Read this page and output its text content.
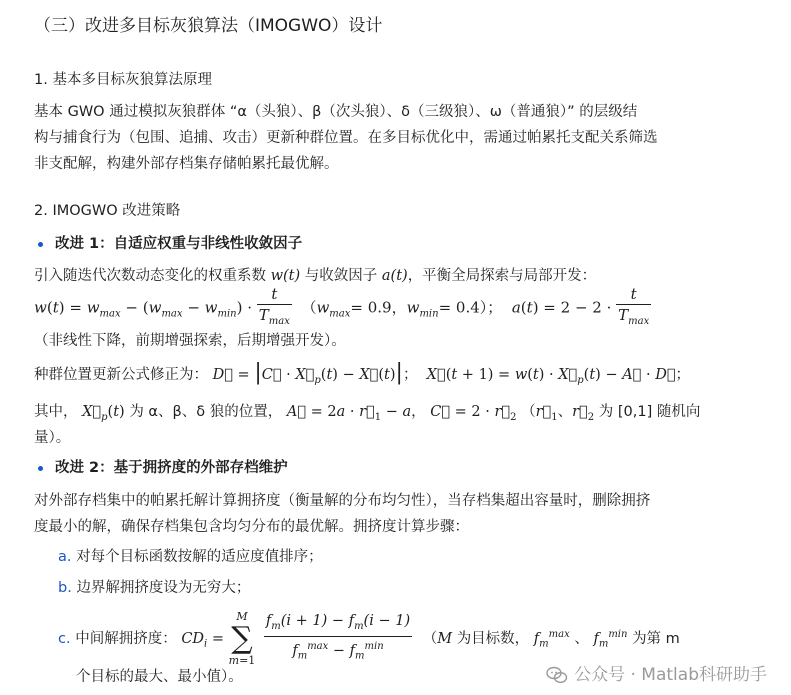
（三）改进多目标灰狼算法（IMOGWO）设计
1. 基本多目标灰狼算法原理
基本 GWO 通过模拟灰狼群体 “α（头狼）、β（次头狼）、δ（三级狼）、ω（普通狼）” 的层级结
构与捕食行为（包围、追捕、攻击）更新种群位置。在多目标优化中，需通过帕累托支配关系筛选
非支配解，构建外部存档集存储帕累托最优解。
2. IMOGWO 改进策略
改进 1：自适应权重与非线性收敛因子
引入随迭代次数动态变化的权重系数 w(t) 与收敛因子 a(t)，平衡全局探索与局部开发：
$w(t) = w_{max} - (w_{max} - w_{min}) \cdot \frac{t}{T_{max}} (w_{max}= 0.9$，$w_{min}= 0.4$）；  $a(t) = 2 - 2 \cdot \frac{t}{T_{max}}$
（非线性下降，前期增强探索，后期增强开发）。
种群位置更新公式修正为： D⃗ = |C⃗ · $X⃗_p(t)$ − X⃗(t)|；  X⃗(t + $1) = w(t) \cdot X⃗_p(t)$ − A⃗ · D⃗；
其中， $X⃗_p(t)$ 为 α、β、δ 狼的位置， A⃗ = $2a \cdot r⃗_1 - a$， C⃗ = $2 \cdot r⃗_2$ （$r⃗_1$、$r⃗_2$ 为 [0,1] 随机向
量）。
改进 2：基于拥挤度的外部存档维护
对外部存档集中的帕累托解计算拥挤度（衡量解的分布均匀性），当存档集超出容量时，删除拥挤
度最小的解，确保存档集包含均匀分布的最优解。拥挤度计算步骤：
a. 对每个目标函数按解的适应度值排序；
b. 边界解拥挤度设为无穷大；
c. 中间解拥挤度： $CD_i$ =
M
∑
m=1
$\frac{f_m(i + 1) - f_m(i - 1)}{f_m^{max} - f_m^{min}} (M$ 为目标数， $f_m^{max}$ 、 $f_m^{min}$ 为第 m
个目标的最大、最小值）。	公众号 · Matlab科研助手
